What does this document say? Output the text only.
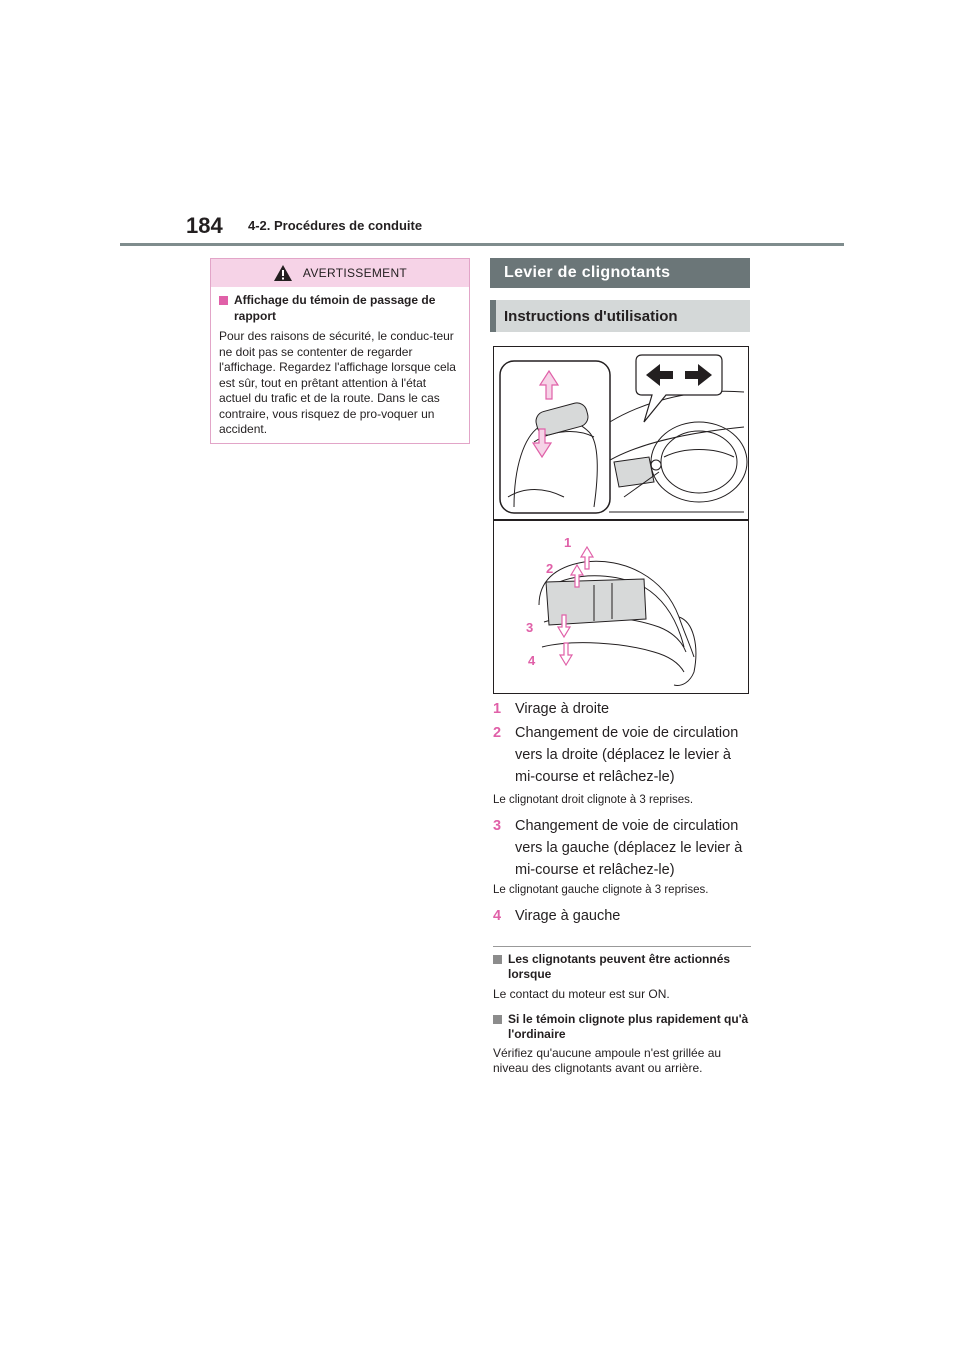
184 4-2. Procédures de conduite
AVERTISSEMENT
Affichage du témoin de passage de rapport
Pour des raisons de sécurité, le conduc-teur ne doit pas se contenter de regarder l'affichage. Regardez l'affichage lorsque cela est sûr, tout en prêtant attention à l'état actuel du trafic et de la route. Dans le cas contraire, vous risquez de pro-voquer un accident.
Levier de clignotants
Instructions d'utilisation
1
2
3
4
1 Virage à droite
2 Changement de voie de circulation
vers la droite (déplacez le levier à mi-course et relâchez-le)
Le clignotant droit clignote à 3 reprises.
3 Changement de voie de circulation
vers la gauche (déplacez le levier à mi-course et relâchez-le)
Le clignotant gauche clignote à 3 reprises.
4 Virage à gauche
Les clignotants peuvent être actionnés lorsque
Le contact du moteur est sur ON.
Si le témoin clignote plus rapidement qu'à l'ordinaire
Vérifiez qu'aucune ampoule n'est grillée au niveau des clignotants avant ou arrière.
